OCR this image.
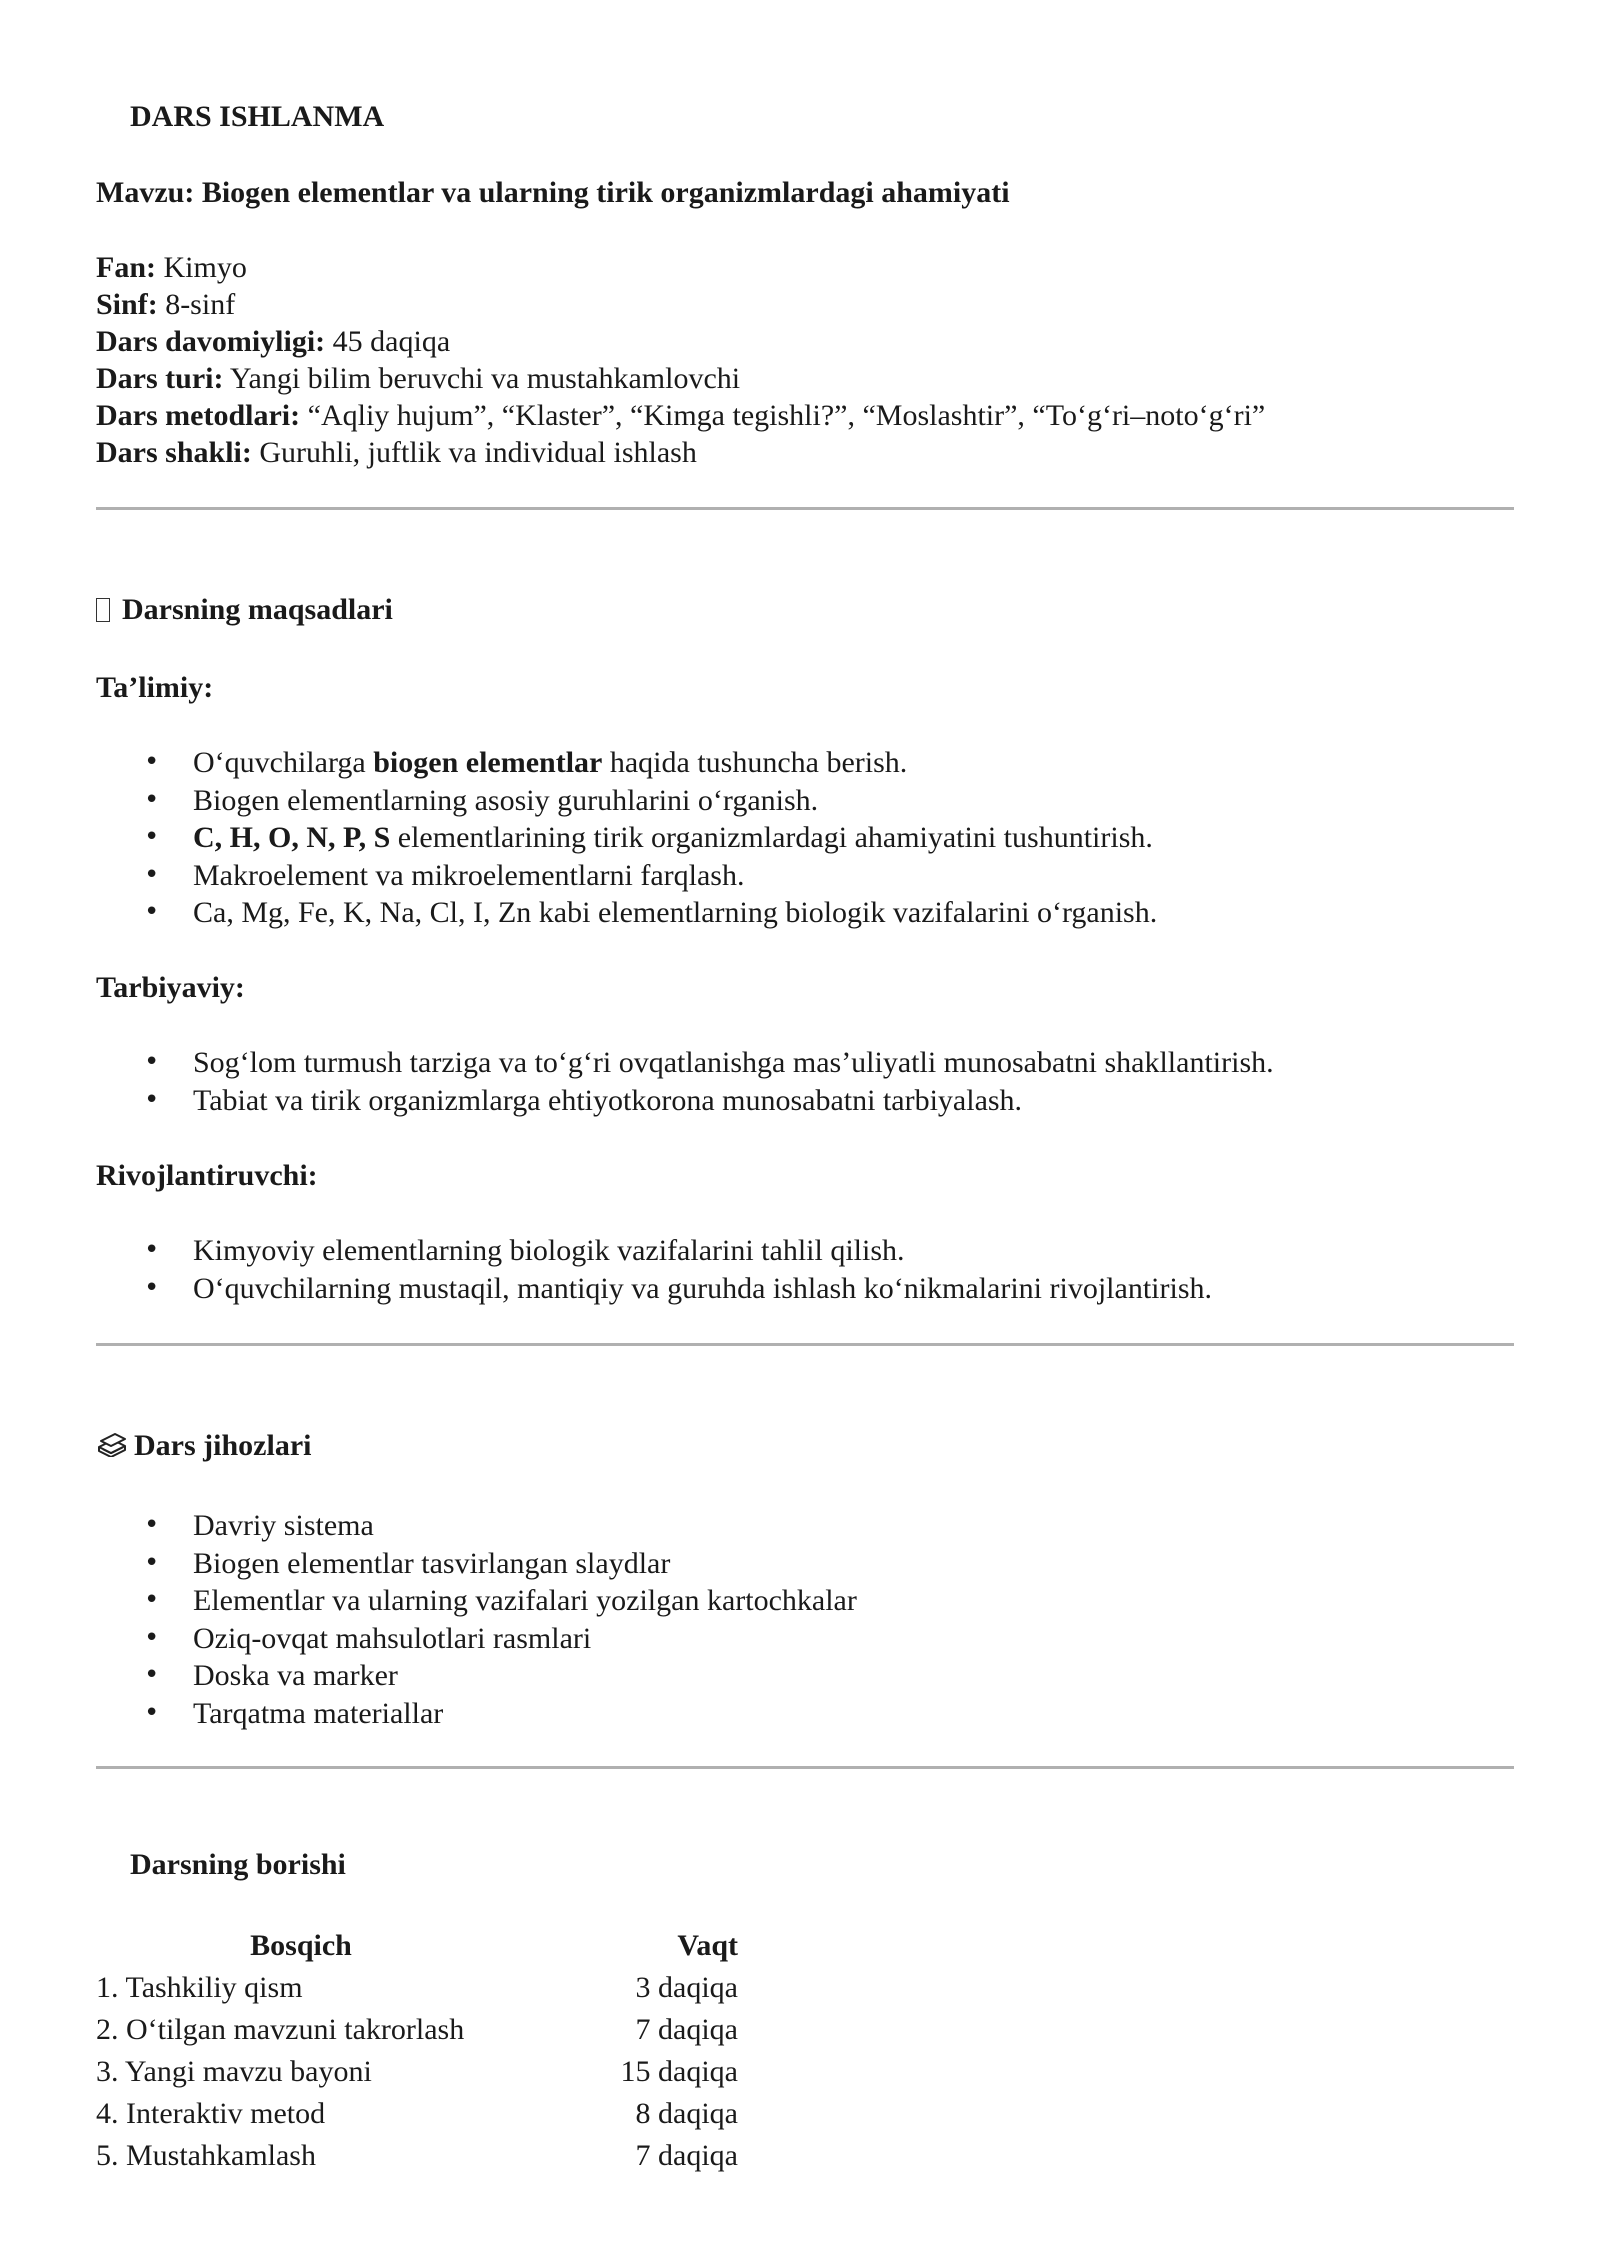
DARS ISHLANMA
Mavzu: Biogen elementlar va ularning tirik organizmlardagi ahamiyati
Fan: Kimyo
Sinf: 8-sinf
Dars davomiyligi: 45 daqiqa
Dars turi: Yangi bilim beruvchi va mustahkamlovchi
Dars metodlari: “Aqliy hujum”, “Klaster”, “Kimga tegishli?”, “Moslashtir”, “To‘g‘ri–noto‘g‘ri”
Dars shakli: Guruhli, juftlik va individual ishlash
Darsning maqsadlari
Ta’limiy:
• O‘quvchilarga biogen elementlar haqida tushuncha berish.
• Biogen elementlarning asosiy guruhlarini o‘rganish.
• C, H, O, N, P, S elementlarining tirik organizmlardagi ahamiyatini tushuntirish.
• Makroelement va mikroelementlarni farqlash.
• Ca, Mg, Fe, K, Na, Cl, I, Zn kabi elementlarning biologik vazifalarini o‘rganish.
Tarbiyaviy:
• Sog‘lom turmush tarziga va to‘g‘ri ovqatlanishga mas’uliyatli munosabatni shakllantirish.
• Tabiat va tirik organizmlarga ehtiyotkorona munosabatni tarbiyalash.
Rivojlantiruvchi:
• Kimyoviy elementlarning biologik vazifalarini tahlil qilish.
• O‘quvchilarning mustaqil, mantiqiy va guruhda ishlash ko‘nikmalarini rivojlantirish.
Dars jihozlari
• Davriy sistema
• Biogen elementlar tasvirlangan slaydlar
• Elementlar va ularning vazifalari yozilgan kartochkalar
• Oziq-ovqat mahsulotlari rasmlari
• Doska va marker
• Tarqatma materiallar
Darsning borishi
Bosqich	Vaqt
1. Tashkiliy qism	3 daqiqa
2. O‘tilgan mavzuni takrorlash	7 daqiqa
3. Yangi mavzu bayoni	15 daqiqa
4. Interaktiv metod	8 daqiqa
5. Mustahkamlash	7 daqiqa
